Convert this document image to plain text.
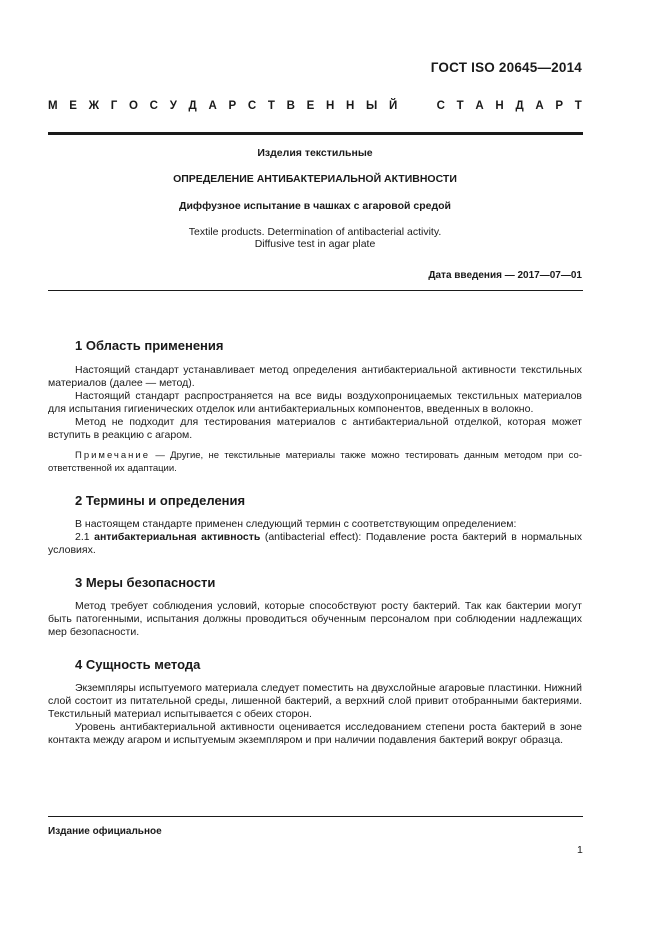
ГОСТ ISO 20645—2014
М Е Ж Г О С У Д А Р С Т В Е Н Н Ы Й	С Т А Н Д А Р Т
Изделия текстильные
ОПРЕДЕЛЕНИЕ АНТИБАКТЕРИАЛЬНОЙ АКТИВНОСТИ
Диффузное испытание в чашках с агаровой средой
Textile products. Determination of antibacterial activity.
Diffusive test in agar plate
Дата введения — 2017—07—01
1 Область применения

Настоящий стандарт устанавливает метод определения антибактериальной активности текстильных материалов (далее — метод).

Настоящий стандарт распространяется на все виды воздухопроницаемых текстильных материалов для испытания гигиенических отделок или антибактериальных компонентов, введенных в волокно.

Метод не подходит для тестирования материалов с антибактериальной отделкой, которая может вступить в реакцию с агаром.

Примечание — Другие, не текстильные материалы также можно тестировать данным методом при соответственной их адаптации.

2 Термины и определения

В настоящем стандарте применен следующий термин с соответствующим определением:

2.1 антибактериальная активность (antibacterial effect): Подавление роста бактерий в нормальных условиях.

3 Меры безопасности

Метод требует соблюдения условий, которые способствуют росту бактерий. Так как бактерии могут быть патогенными, испытания должны проводиться обученным персоналом при соблюдении надлежащих мер безопасности.

4 Сущность метода

Экземпляры испытуемого материала следует поместить на двухслойные агаровые пластинки. Нижний слой состоит из питательной среды, лишенной бактерий, а верхний слой привит отобранными бактериями. Текстильный материал испытывается с обеих сторон.

Уровень антибактериальной активности оценивается исследованием степени роста бактерий в зоне контакта между агаром и испытуемым экземпляром и при наличии подавления бактерий вокруг образца.

Издание официальное
1
